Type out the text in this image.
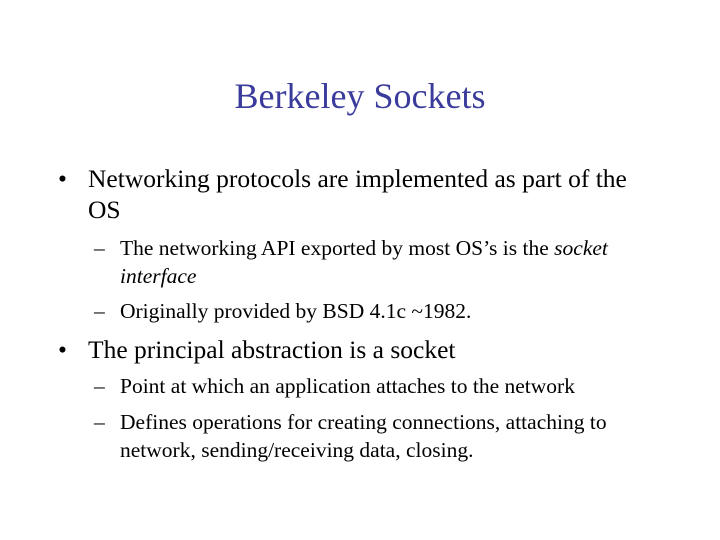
Berkeley Sockets
• Networking protocols are implemented as part of the OS
– The networking API exported by most OS’s is the socket interface
– Originally provided by BSD 4.1c ~1982.
• The principal abstraction is a socket
– Point at which an application attaches to the network
– Defines operations for creating connections, attaching to network, sending/receiving data, closing.
